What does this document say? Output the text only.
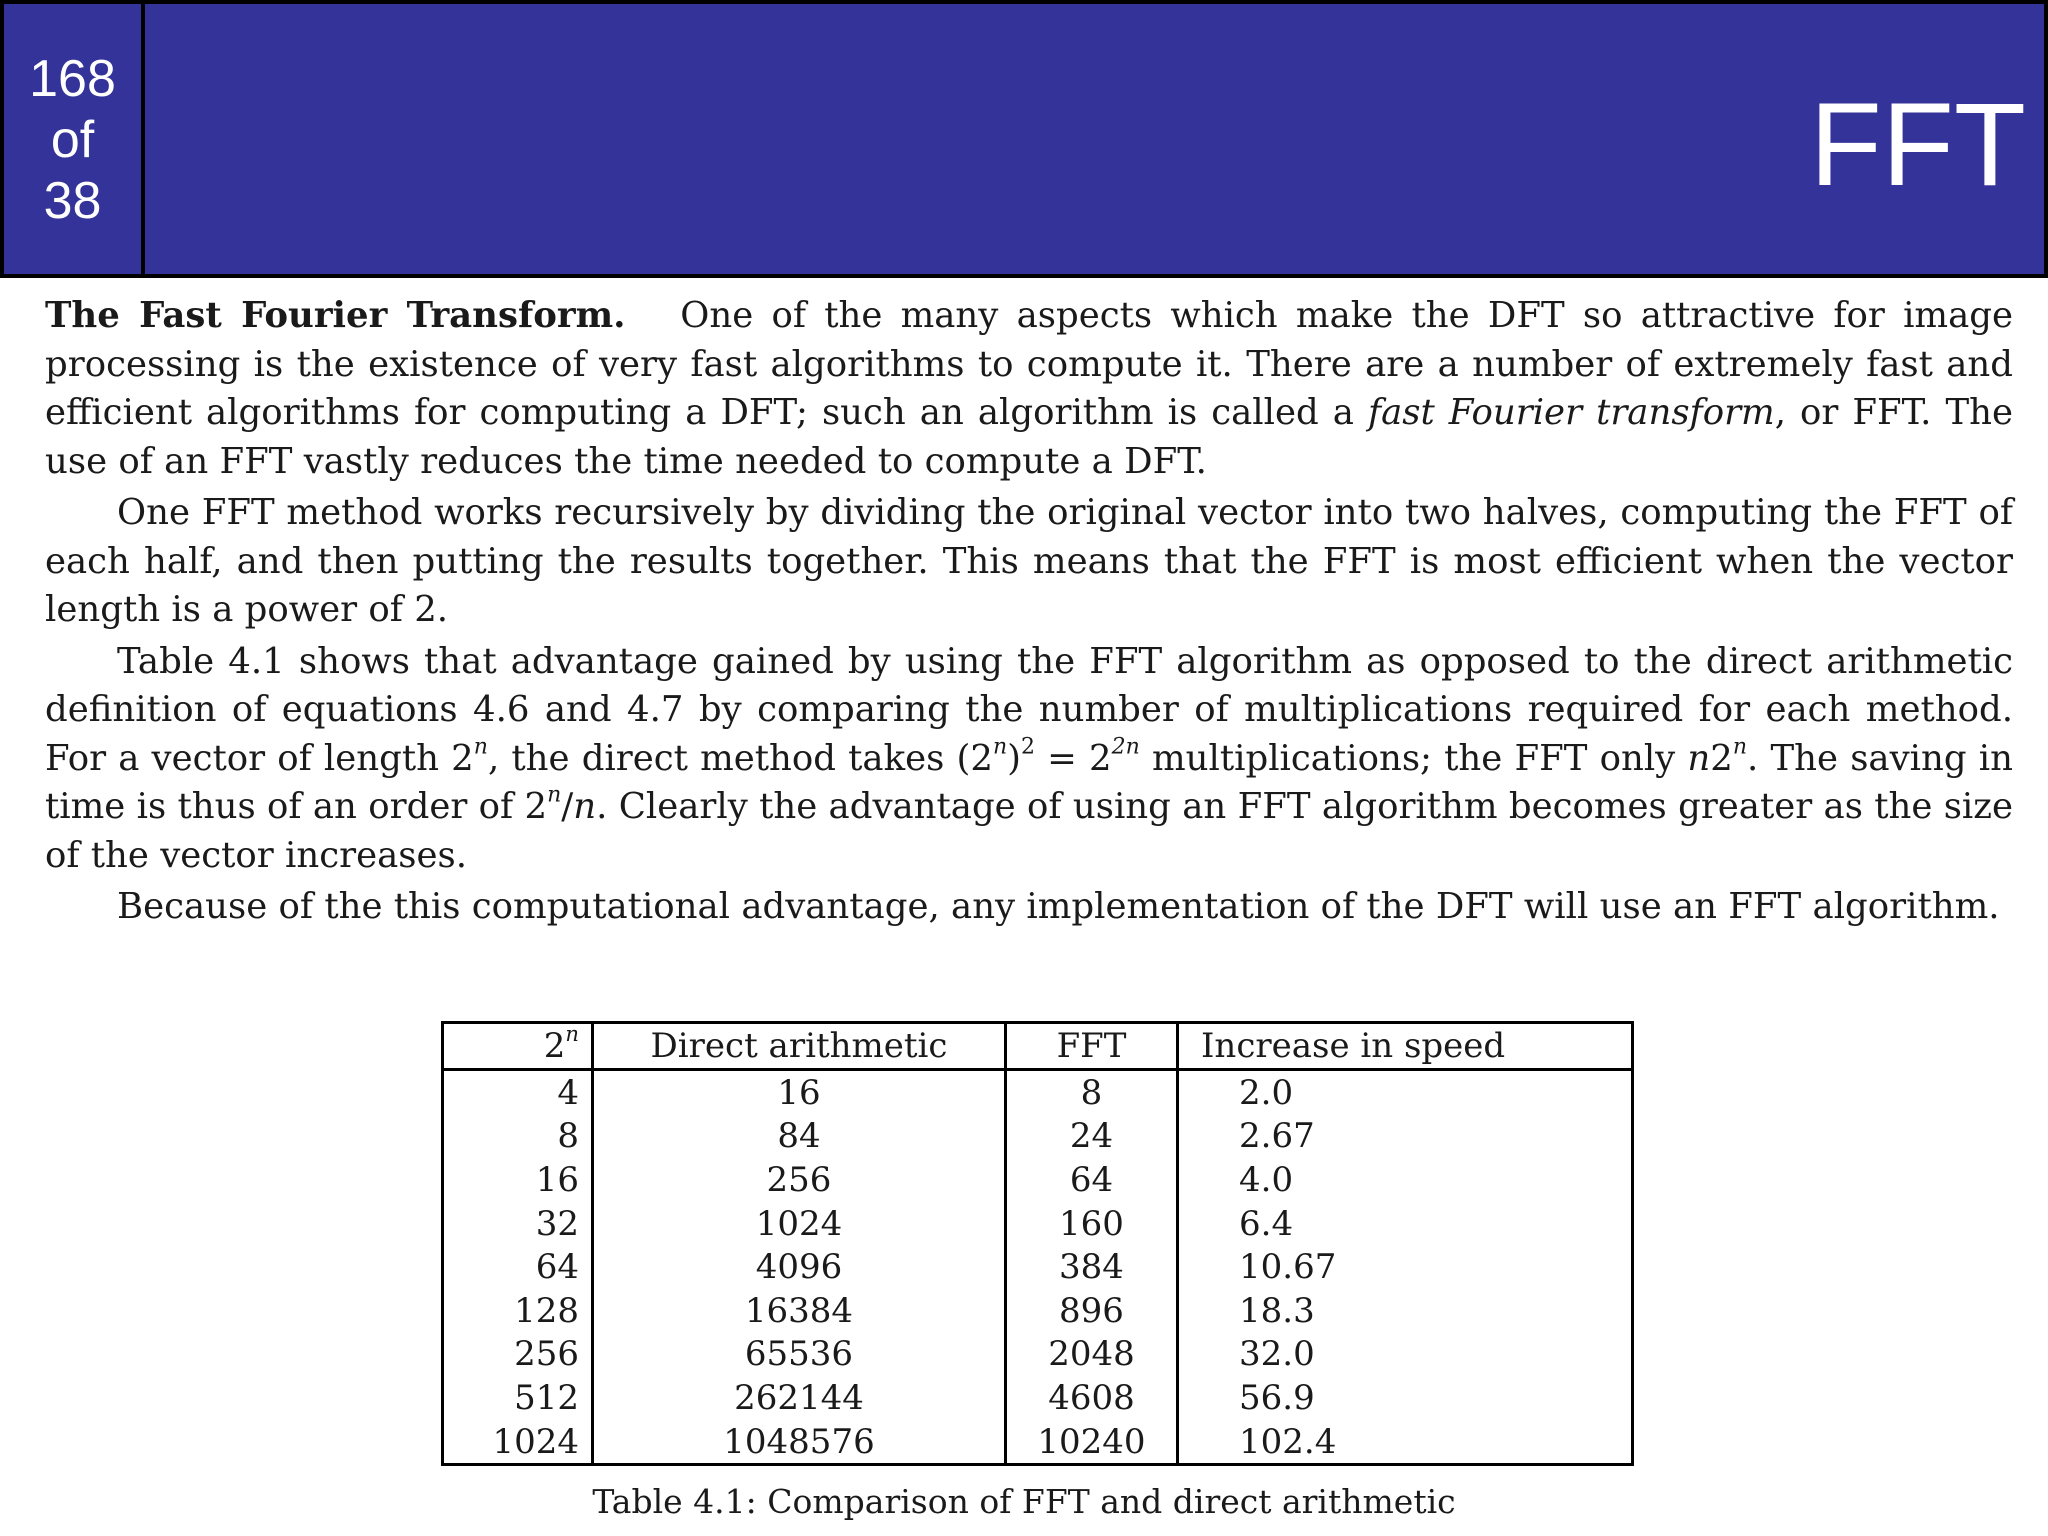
168
of
38	FFT

The Fast Fourier Transform. One of the many aspects which make the DFT so attractive for image processing is the existence of very fast algorithms to compute it. There are a number of extremely fast and efficient algorithms for computing a DFT; such an algorithm is called a fast Fourier transform, or FFT. The use of an FFT vastly reduces the time needed to compute a DFT.

One FFT method works recursively by dividing the original vector into two halves, computing the FFT of each half, and then putting the results together. This means that the FFT is most efficient when the vector length is a power of 2.

Table 4.1 shows that advantage gained by using the FFT algorithm as opposed to the direct arithmetic definition of equations 4.6 and 4.7 by comparing the number of multiplications required for each method. For a vector of length 2$^n$, the direct method takes $(2^n)^2 = 2^{2n}$ multiplications; the FFT only n2$^n$. The saving in time is thus of an order of 2$^n$/n. Clearly the advantage of using an FFT algorithm becomes greater as the size of the vector increases.

Because of the this computational advantage, any implementation of the DFT will use an FFT algorithm.

2$^n$	Direct arithmetic	FFT	Increase in speed
4	16	8	2.0
8	84	24	2.67
16	256	64	4.0
32	1024	160	6.4
64	4096	384	10.67
128	16384	896	18.3
256	65536	2048	32.0
512	262144	4608	56.9
1024	1048576	10240	102.4

Table 4.1: Comparison of FFT and direct arithmetic
